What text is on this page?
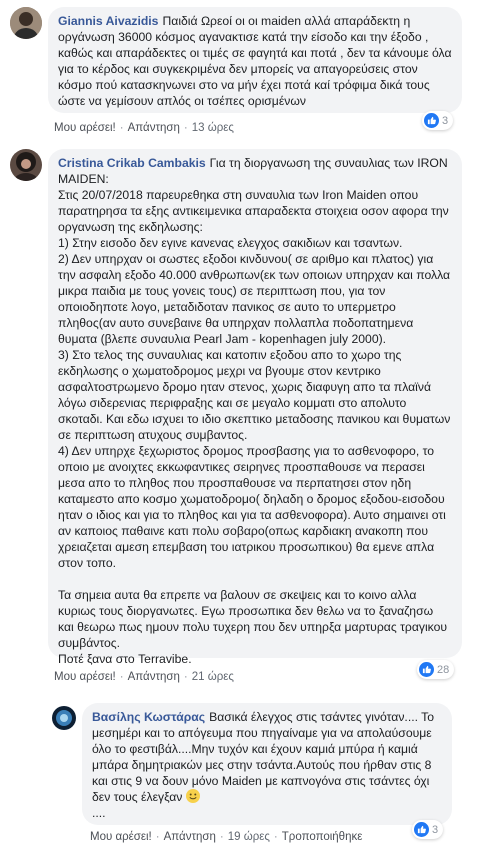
Giannis Aivazidis Παιδιά Ωρεοί οι οι maiden αλλά απαράδεκτη η οργάνωση 36000 κόσμος αγανακτισε κατά την είσοδο και την έξοδο , καθώς και απαράδεκτες οι τιμές σε φαγητά και ποτά , δεν τα κάνουμε όλα για το κέρδος και συγκεκριμένα δεν μπορείς να απαγορεύσεις στον κόσμο πού κατασκηνωνει στο να μήν έχει ποτά καί τρόφιμα δικά τους ώστε να γεμίσουν απλός οι τσέπες ορισμένων
3
Μου αρέσει! · Απάντηση · 13 ώρες
Cristina Crikab Cambakis Για τη διοργανωση της συναυλιας των IRON MAIDEN:
Στις 20/07/2018 παρευρεθηκα στη συναυλια των Iron Maiden οπου παρατηρησα τα εξης αντικειμενικα απαραδεκτα στοιχεια οσον αφορα την οργανωση της εκδηλωσης:
1) Στην εισοδο δεν εγινε κανενας ελεγχος σακιδιων και τσαντων.
2) Δεν υπηρχαν οι σωστες εξοδοι κινδυνου( σε αριθμο και πλατος) για την ασφαλη εξοδο 40.000 ανθρωπων(εκ των οποιων υπηρχαν και πολλα μικρα παιδια με τους γονεις τους) σε περιπτωση που, για τον οποιοδηποτε λογο, μεταδιδοταν πανικος σε αυτο το υπερμετρο πληθος(αν αυτο συνεβαινε θα υπηρχαν πολλαπλα ποδοπατημενα θυματα (βλεπε συναυλια Pearl Jam - kopenhagen july 2000).
3) Στο τελος της συναυλιας και κατοπιν εξοδου απο το χωρο της εκδηλωσης ο χωματοδρομος μεχρι να βγουμε στον κεντρικο ασφαλτοστρωμενο δρομο ηταν στενος, χωρις διαφυγη απο τα πλαϊνά λόγω σιδερενιας περιφραξης και σε μεγαλο κομματι στο απολυτο σκοταδι. Και εδω ισχυει το ιδιο σκεπτικο μεταδοσης πανικου και θυματων σε περιπτωση ατυχους συμβαντος.
4) Δεν υπηρχε ξεχωριστος δρομος προσβασης για το ασθενοφορο, το οποιο με ανοιχτες εκκωφαντικες σειρηνες προσπαθουσε να περασει μεσα απο το πληθος που προσπαθουσε να περπατησει στον ηδη καταμεστο απο κοσμο χωματοδρομο( δηλαδη ο δρομος εξοδου-εισοδου ηταν ο ιδιος και για το πληθος και για τα ασθενοφορα). Αυτο σημαινει οτι αν καποιος παθαινε κατι πολυ σοβαρο(οπως καρδιακη ανακοπη που χρειαζεται αμεση επεμβαση του ιατρικου προσωπικου) θα εμενε απλα στον τοπο.
Τα σημεια αυτα θα επρεπε να βαλουν σε σκεψεις και το κοινο αλλα κυριως τους διοργανωτες. Εγω προσωπικα δεν θελω να το ξαναζησω και θεωρω πως ημουν πολυ τυχερη που δεν υπηρξα μαρτυρας τραγικου συμβάντος.
Ποτέ ξανα στο Terravibe.
28
Μου αρέσει! · Απάντηση · 21 ώρες
Βασίλης Κωστάρας Βασικά έλεγχος στις τσάντες γινόταν.... Το μεσημέρι και το απόγευμα που πηγαίναμε για να απολαύσουμε όλο το φεστιβάλ....Μην τυχόν και έχουν καμιά μπύρα ή καμιά μπάρα δημητριακών μες στην τσάντα.Αυτούς που ήρθαν στις 8 και στις 9 να δουν μόνο Maiden με καπνογόνα στις τσάντες όχι δεν τους έλεγξαν
....
3
Μου αρέσει! · Απάντηση · 19 ώρες · Τροποποιήθηκε
